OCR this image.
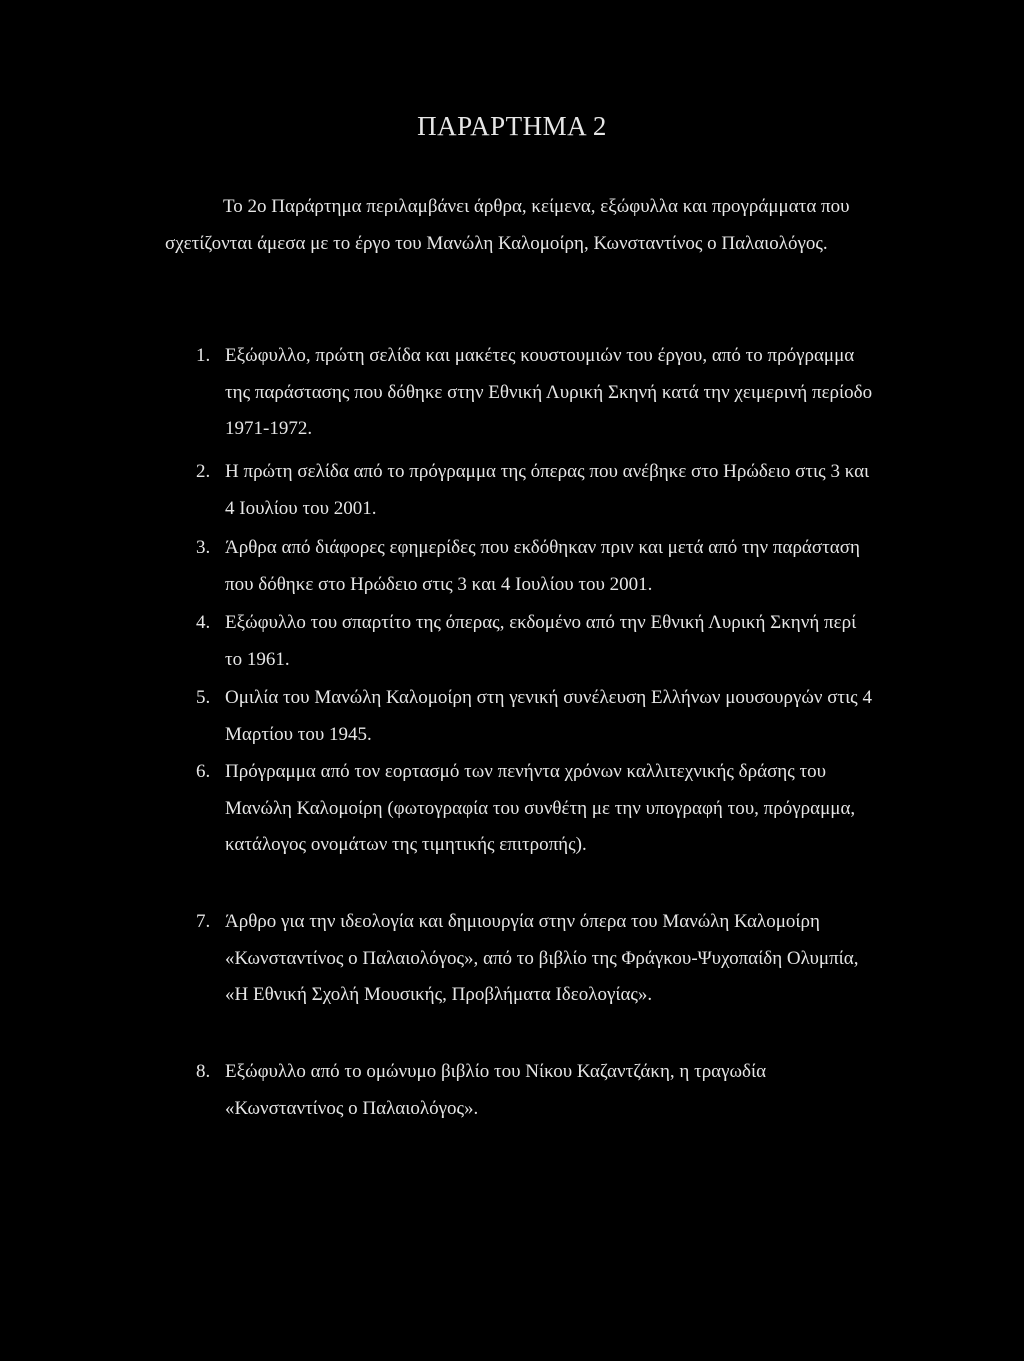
ΠΑΡΑΡΤΗΜΑ 2

Το 2ο Παράρτημα περιλαμβάνει άρθρα, κείμενα, εξώφυλλα και προγράμματα που σχετίζονται άμεσα με το έργο του Μανώλη Καλομοίρη, Κωνσταντίνος ο Παλαιολόγος.

1. Εξώφυλλο, πρώτη σελίδα και μακέτες κουστουμιών του έργου, από το πρόγραμμα της παράστασης που δόθηκε στην Εθνική Λυρική Σκηνή κατά την χειμερινή περίοδο 1971-1972.
2. Η πρώτη σελίδα από το πρόγραμμα της όπερας που ανέβηκε στο Ηρώδειο στις 3 και 4 Ιουλίου του 2001.
3. Άρθρα από διάφορες εφημερίδες που εκδόθηκαν πριν και μετά από την παράσταση που δόθηκε στο Ηρώδειο στις 3 και 4 Ιουλίου του 2001.
4. Εξώφυλλο του σπαρτίτο της όπερας, εκδομένο από την Εθνική Λυρική Σκηνή περί το 1961.
5. Ομιλία του Μανώλη Καλομοίρη στη γενική συνέλευση Ελλήνων μουσουργών στις 4 Μαρτίου του 1945.
6. Πρόγραμμα από τον εορτασμό των πενήντα χρόνων καλλιτεχνικής δράσης του Μανώλη Καλομοίρη (φωτογραφία του συνθέτη με την υπογραφή του, πρόγραμμα, κατάλογος ονομάτων της τιμητικής επιτροπής).
7. Άρθρο για την ιδεολογία και δημιουργία στην όπερα του Μανώλη Καλομοίρη «Κωνσταντίνος ο Παλαιολόγος», από το βιβλίο της Φράγκου-Ψυχοπαίδη Ολυμπία, «Η Εθνική Σχολή Μουσικής, Προβλήματα Ιδεολογίας».
8. Εξώφυλλο από το ομώνυμο βιβλίο του Νίκου Καζαντζάκη, η τραγωδία «Κωνσταντίνος ο Παλαιολόγος».
